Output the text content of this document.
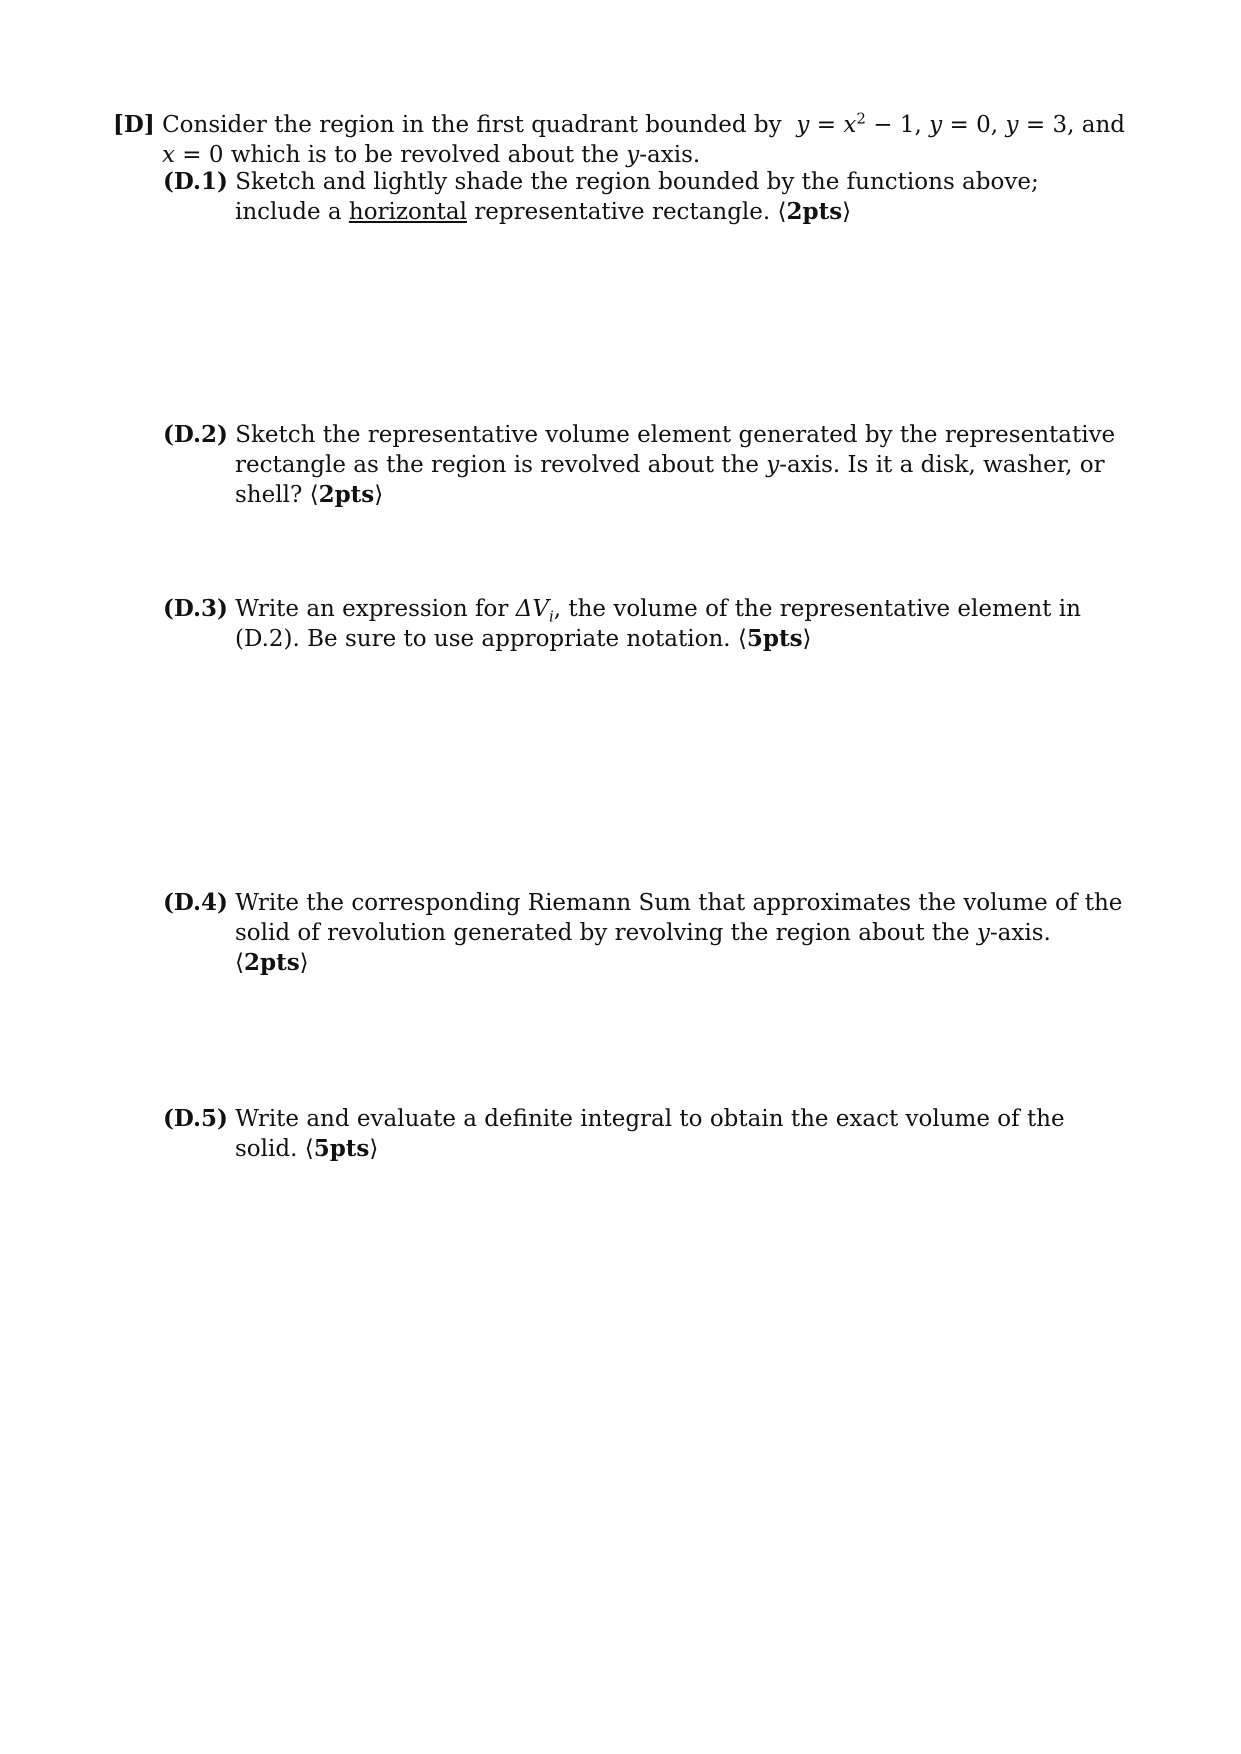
[D] Consider the region in the first quadrant bounded by $y = x^2 - 1$, y = 0, y = 3, and x = 0 which is to be revolved about the y-axis.

(D.1) Sketch and lightly shade the region bounded by the functions above; include a horizontal representative rectangle. ⟨2pts⟩

(D.2) Sketch the representative volume element generated by the representative rectangle as the region is revolved about the y-axis. Is it a disk, washer, or shell? ⟨2pts⟩

(D.3) Write an expression for $\Delta V_i$, the volume of the representative element in (D.2). Be sure to use appropriate notation. ⟨5pts⟩

(D.4) Write the corresponding Riemann Sum that approximates the volume of the solid of revolution generated by revolving the region about the y-axis. ⟨2pts⟩

(D.5) Write and evaluate a definite integral to obtain the exact volume of the solid. ⟨5pts⟩
